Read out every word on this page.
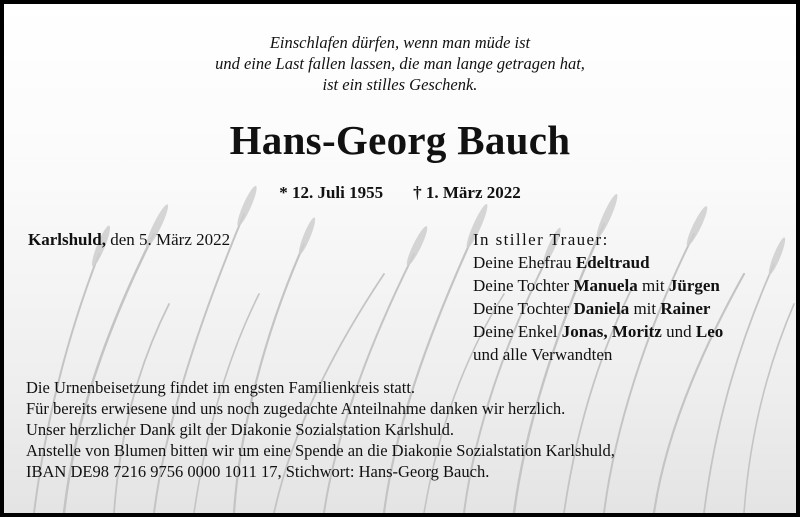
Einschlafen dürfen, wenn man müde ist
und eine Last fallen lassen, die man lange getragen hat,
ist ein stilles Geschenk.
Hans-Georg Bauch
* 12. Juli 1955 † 1. März 2022
Karlshuld, den 5. März 2022	In stiller Trauer:
Deine Ehefrau Edeltraud
Deine Tochter Manuela mit Jürgen
Deine Tochter Daniela mit Rainer
Deine Enkel Jonas, Moritz und Leo
und alle Verwandten
Die Urnenbeisetzung findet im engsten Familienkreis statt.
Für bereits erwiesene und uns noch zugedachte Anteilnahme danken wir herzlich.
Unser herzlicher Dank gilt der Diakonie Sozialstation Karlshuld.
Anstelle von Blumen bitten wir um eine Spende an die Diakonie Sozialstation Karlshuld,
IBAN DE98 7216 9756 0000 1011 17, Stichwort: Hans-Georg Bauch.
